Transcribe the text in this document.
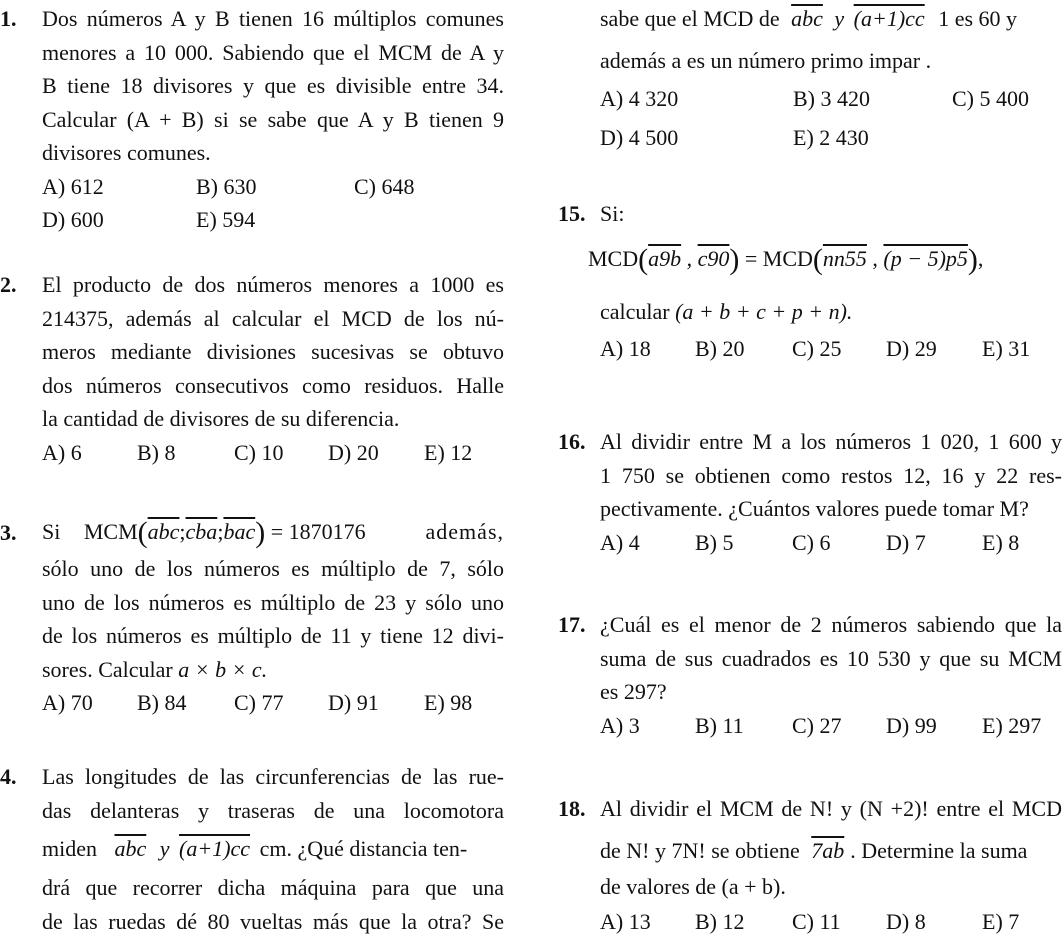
1. Dos números A y B tienen 16 múltiplos comunes
menores a 10 000. Sabiendo que el MCM de A y
B tiene 18 divisores y que es divisible entre 34.
Calcular (A + B) si se sabe que A y B tienen 9
divisores comunes.
A) 612	B) 630	C) 648
D) 600	E) 594
2. El producto de dos números menores a 1000 es
214375, además al calcular el MCD de los nú-
meros mediante divisiones sucesivas se obtuvo
dos números consecutivos como residuos. Halle
la cantidad de divisores de su diferencia.
A) 6	B) 8	C) 10 D) 20 E) 12
3. Si $MCM(\overline{abc};\overline{cba};\overline{bac}) = 1870176$	además,
sólo uno de los números es múltiplo de 7, sólo
uno de los números es múltiplo de 23 y sólo uno
de los números es múltiplo de 11 y tiene 12 divi-
sores. Calcular a × b × c.
A) 70 B) 84 C) 77 D) 91 E) 98
4. Las longitudes de las circunferencias de las rue-
das delanteras y traseras de una locomotora
miden $\overline{abc}$ y (a+1)cc cm. ¿Qué distancia ten-
drá que recorrer dicha máquina para que una
de las ruedas dé 80 vueltas más que la otra? Se
sabe que el MCD de $\overline{abc}$ y (a+1)cc 1 es 60 y
además a es un número primo impar .
A) 4 320	B) 3 420	C) 5 400
D) 4 500	E) 2 430
15. Si:
MCD(a9b , c90) = MCD(nn55 , (p − 5)p5),
calcular (a + b + c + p + n).
A) 18 B) 20 C) 25 D) 29 E) 31
16. Al dividir entre M a los números 1 020, 1 600 y
1 750 se obtienen como restos 12, 16 y 22 res-
pectivamente. ¿Cuántos valores puede tomar M?
A) 4	B) 5	C) 6	D) 7	E) 8
17. ¿Cuál es el menor de 2 números sabiendo que la
suma de sus cuadrados es 10 530 y que su MCM
es 297?
A) 3	B) 11 C) 27 D) 99 E) 297
18. Al dividir el MCM de N! y (N +2)! entre el MCD
de N! y 7N! se obtiene 7ab . Determine la suma
de valores de (a + b).
A) 13 B) 12 C) 11 D) 8	E) 7
